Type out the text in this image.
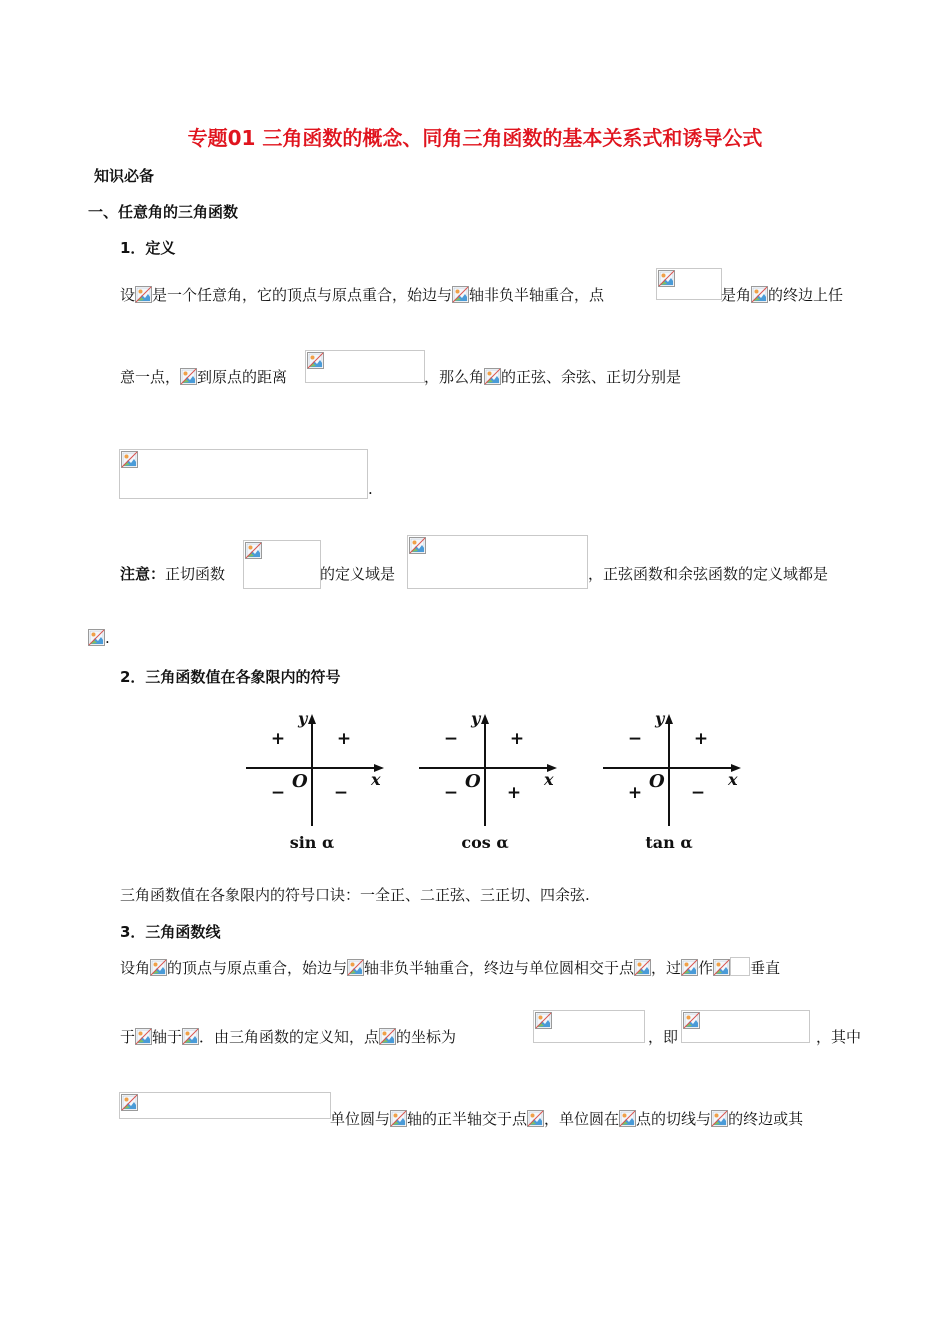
专题01 三角函数的概念、同角三角函数的基本关系式和诱导公式
知识必备
一、任意角的三角函数
1．定义
设 是一个任意角，它的顶点与原点重合，始边与 轴非负半轴重合，点	是角 的终边上任
意一点， 到原点的距离	，那么角 的正弦、余弦、正切分别是
.
注意：正切函数	的定义域是	，正弦函数和余弦函数的定义域都是
.
2．三角函数值在各象限内的符号
y
x
O
+	+
−	−
sin α
y
x
O
−	+
−	+
cos α
y
x
O
−	+
+	−
tan α
三角函数值在各象限内的符号口诀：一全正、二正弦、三正切、四余弦.
3．三角函数线
设角 的顶点与原点重合，始边与 轴非负半轴重合，终边与单位圆相交于点 ，过 作 垂直
于 轴于 ．由三角函数的定义知，点 的坐标为	，即	，其中
单位圆与 轴的正半轴交于点 ，单位圆在 点的切线与 的终边或其
